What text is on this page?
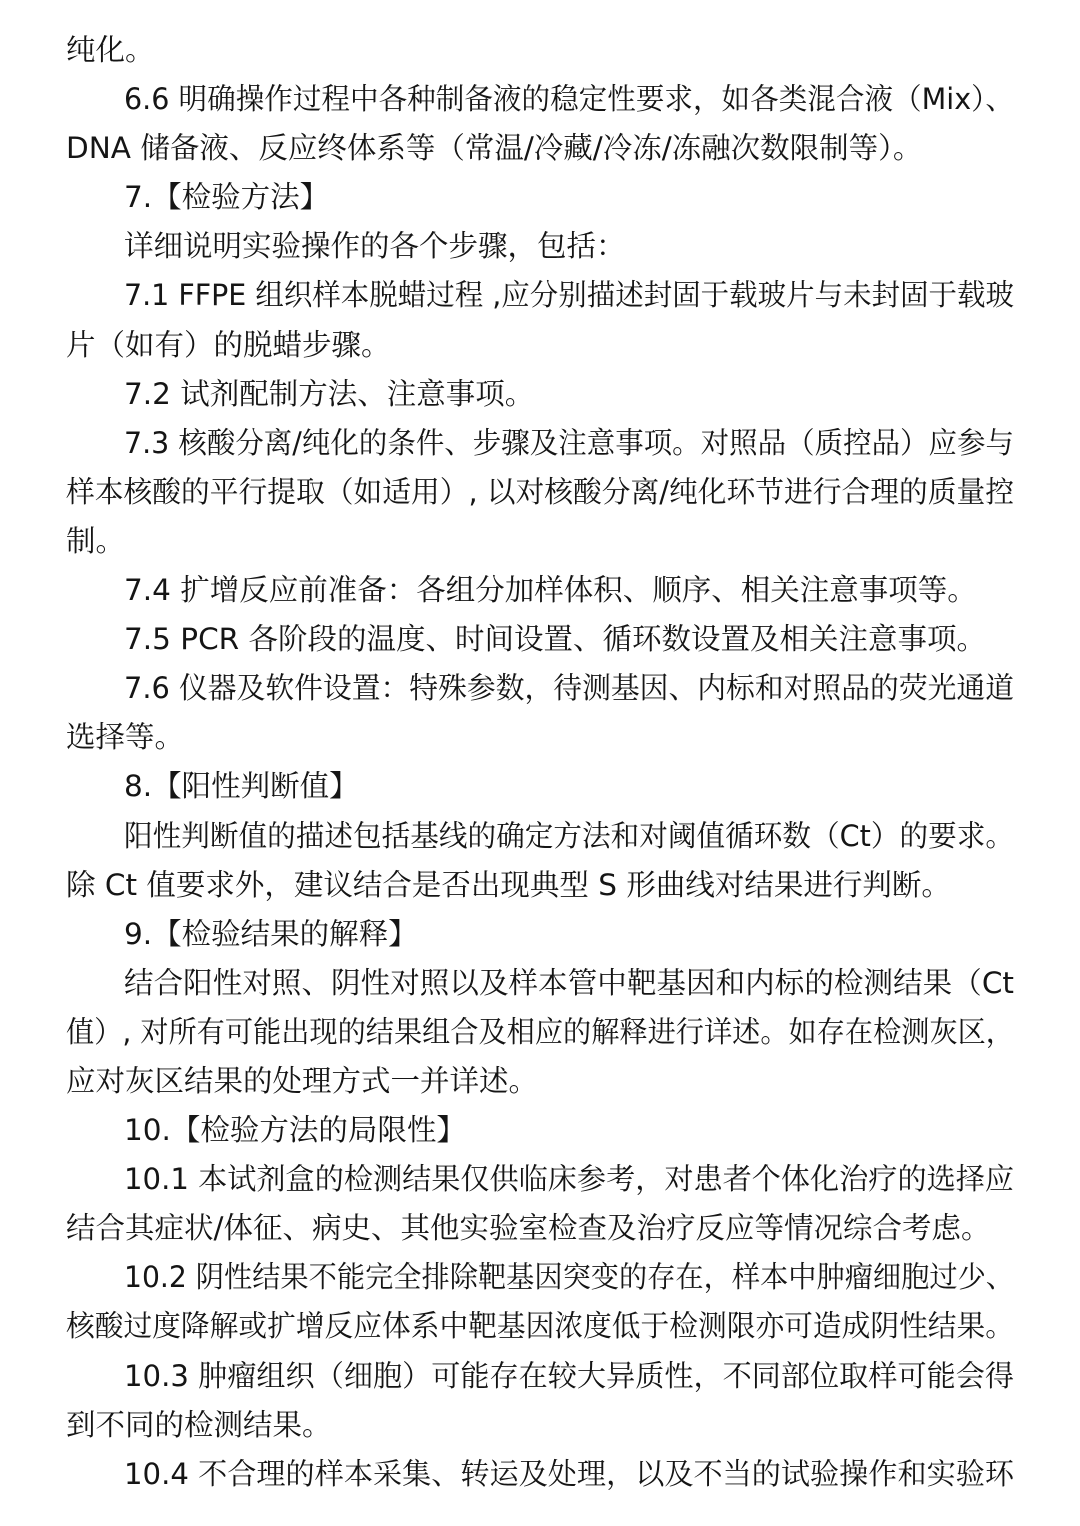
纯化。
6.6 明确操作过程中各种制备液的稳定性要求，如各类混合液（Mix）、
DNA 储备液、反应终体系等（常温/冷藏/冷冻/冻融次数限制等）。
7.【检验方法】
详细说明实验操作的各个步骤，包括：
7.1 FFPE 组织样本脱蜡过程 ,应分别描述封固于载玻片与未封固于载玻
片（如有）的脱蜡步骤。
7.2 试剂配制方法、注意事项。
7.3 核酸分离/纯化的条件、步骤及注意事项。对照品（质控品）应参与
样本核酸的平行提取（如适用）, 以对核酸分离/纯化环节进行合理的质量控
制。
7.4 扩增反应前准备：各组分加样体积、顺序、相关注意事项等。
7.5 PCR 各阶段的温度、时间设置、循环数设置及相关注意事项。
7.6 仪器及软件设置：特殊参数，待测基因、内标和对照品的荧光通道
选择等。
8.【阳性判断值】
阳性判断值的描述包括基线的确定方法和对阈值循环数（Ct）的要求。
除 Ct 值要求外，建议结合是否出现典型 S 形曲线对结果进行判断。
9.【检验结果的解释】
结合阳性对照、阴性对照以及样本管中靶基因和内标的检测结果（Ct
值）, 对所有可能出现的结果组合及相应的解释进行详述。如存在检测灰区，
应对灰区结果的处理方式一并详述。
10.【检验方法的局限性】
10.1 本试剂盒的检测结果仅供临床参考，对患者个体化治疗的选择应
结合其症状/体征、病史、其他实验室检查及治疗反应等情况综合考虑。
10.2 阴性结果不能完全排除靶基因突变的存在，样本中肿瘤细胞过少、
核酸过度降解或扩增反应体系中靶基因浓度低于检测限亦可造成阴性结果。
10.3 肿瘤组织（细胞）可能存在较大异质性，不同部位取样可能会得
到不同的检测结果。
10.4 不合理的样本采集、转运及处理，以及不当的试验操作和实验环
